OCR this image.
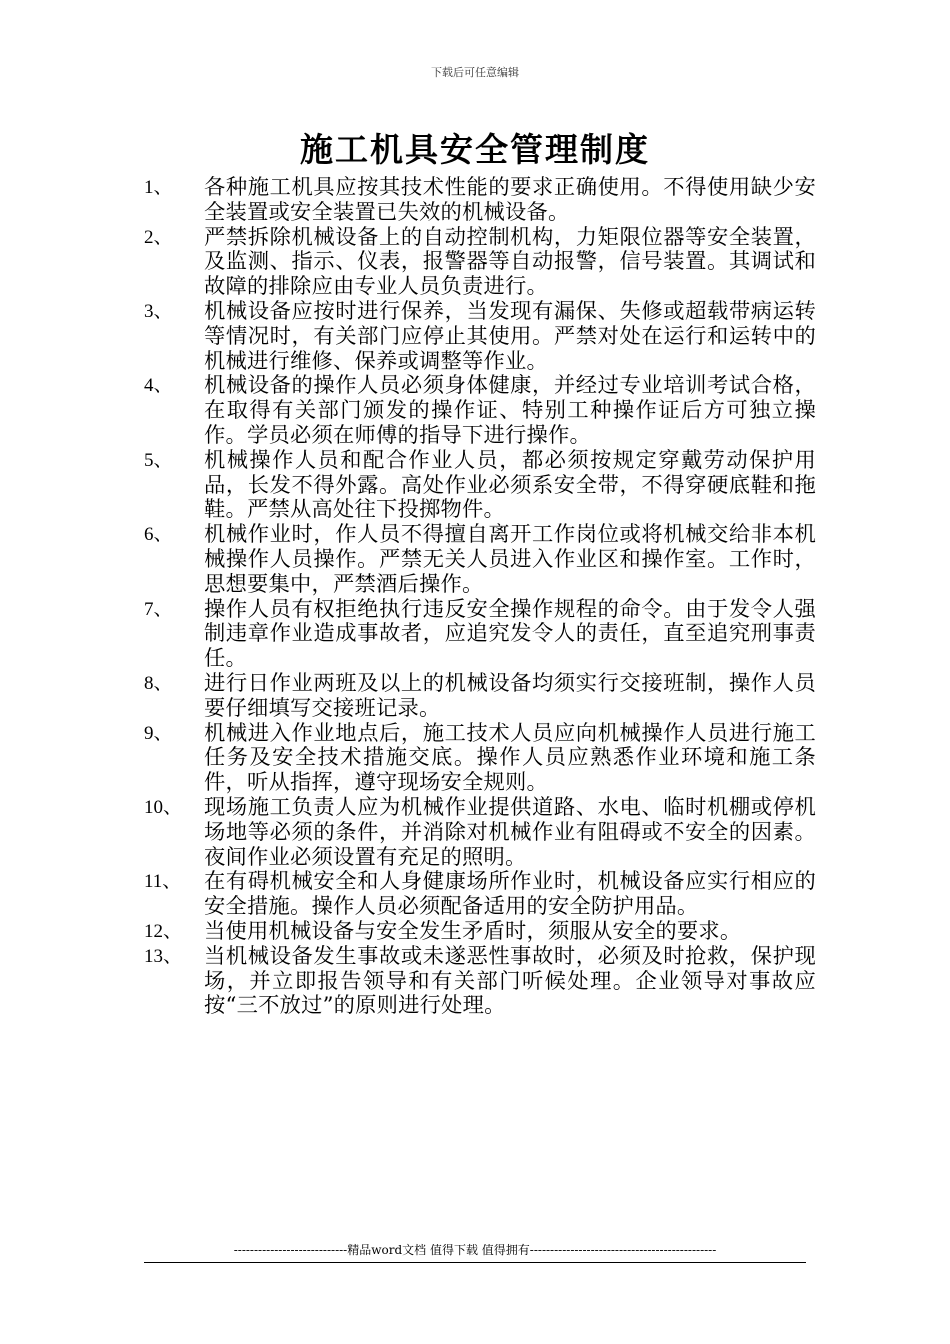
下载后可任意编辑
施工机具安全管理制度
1、	各种施工机具应按其技术性能的要求正确使用。不得使用缺少安全装置或安全装置已失效的机械设备。
2、	严禁拆除机械设备上的自动控制机构，力矩限位器等安全装置，及监测、指示、仪表，报警器等自动报警，信号装置。其调试和故障的排除应由专业人员负责进行。
3、	机械设备应按时进行保养，当发现有漏保、失修或超载带病运转等情况时，有关部门应停止其使用。严禁对处在运行和运转中的机械进行维修、保养或调整等作业。
4、	机械设备的操作人员必须身体健康，并经过专业培训考试合格，在取得有关部门颁发的操作证、特别工种操作证后方可独立操作。学员必须在师傅的指导下进行操作。
5、	机械操作人员和配合作业人员，都必须按规定穿戴劳动保护用品，长发不得外露。高处作业必须系安全带，不得穿硬底鞋和拖鞋。严禁从高处往下投掷物件。
6、	机械作业时，作人员不得擅自离开工作岗位或将机械交给非本机械操作人员操作。严禁无关人员进入作业区和操作室。工作时，思想要集中，严禁酒后操作。
7、	操作人员有权拒绝执行违反安全操作规程的命令。由于发令人强制违章作业造成事故者，应追究发令人的责任，直至追究刑事责任。
8、	进行日作业两班及以上的机械设备均须实行交接班制，操作人员要仔细填写交接班记录。
9、	机械进入作业地点后，施工技术人员应向机械操作人员进行施工任务及安全技术措施交底。操作人员应熟悉作业环境和施工条件，听从指挥，遵守现场安全规则。
10、	现场施工负责人应为机械作业提供道路、水电、临时机棚或停机场地等必须的条件，并消除对机械作业有阻碍或不安全的因素。夜间作业必须设置有充足的照明。
11、	在有碍机械安全和人身健康场所作业时，机械设备应实行相应的安全措施。操作人员必须配备适用的安全防护用品。
12、	当使用机械设备与安全发生矛盾时，须服从安全的要求。
13、	当机械设备发生事故或未遂恶性事故时，必须及时抢救，保护现场，并立即报告领导和有关部门听候处理。企业领导对事故应按“三不放过”的原则进行处理。
----------------------------精品word文档 值得下载 值得拥有----------------------------------------------
